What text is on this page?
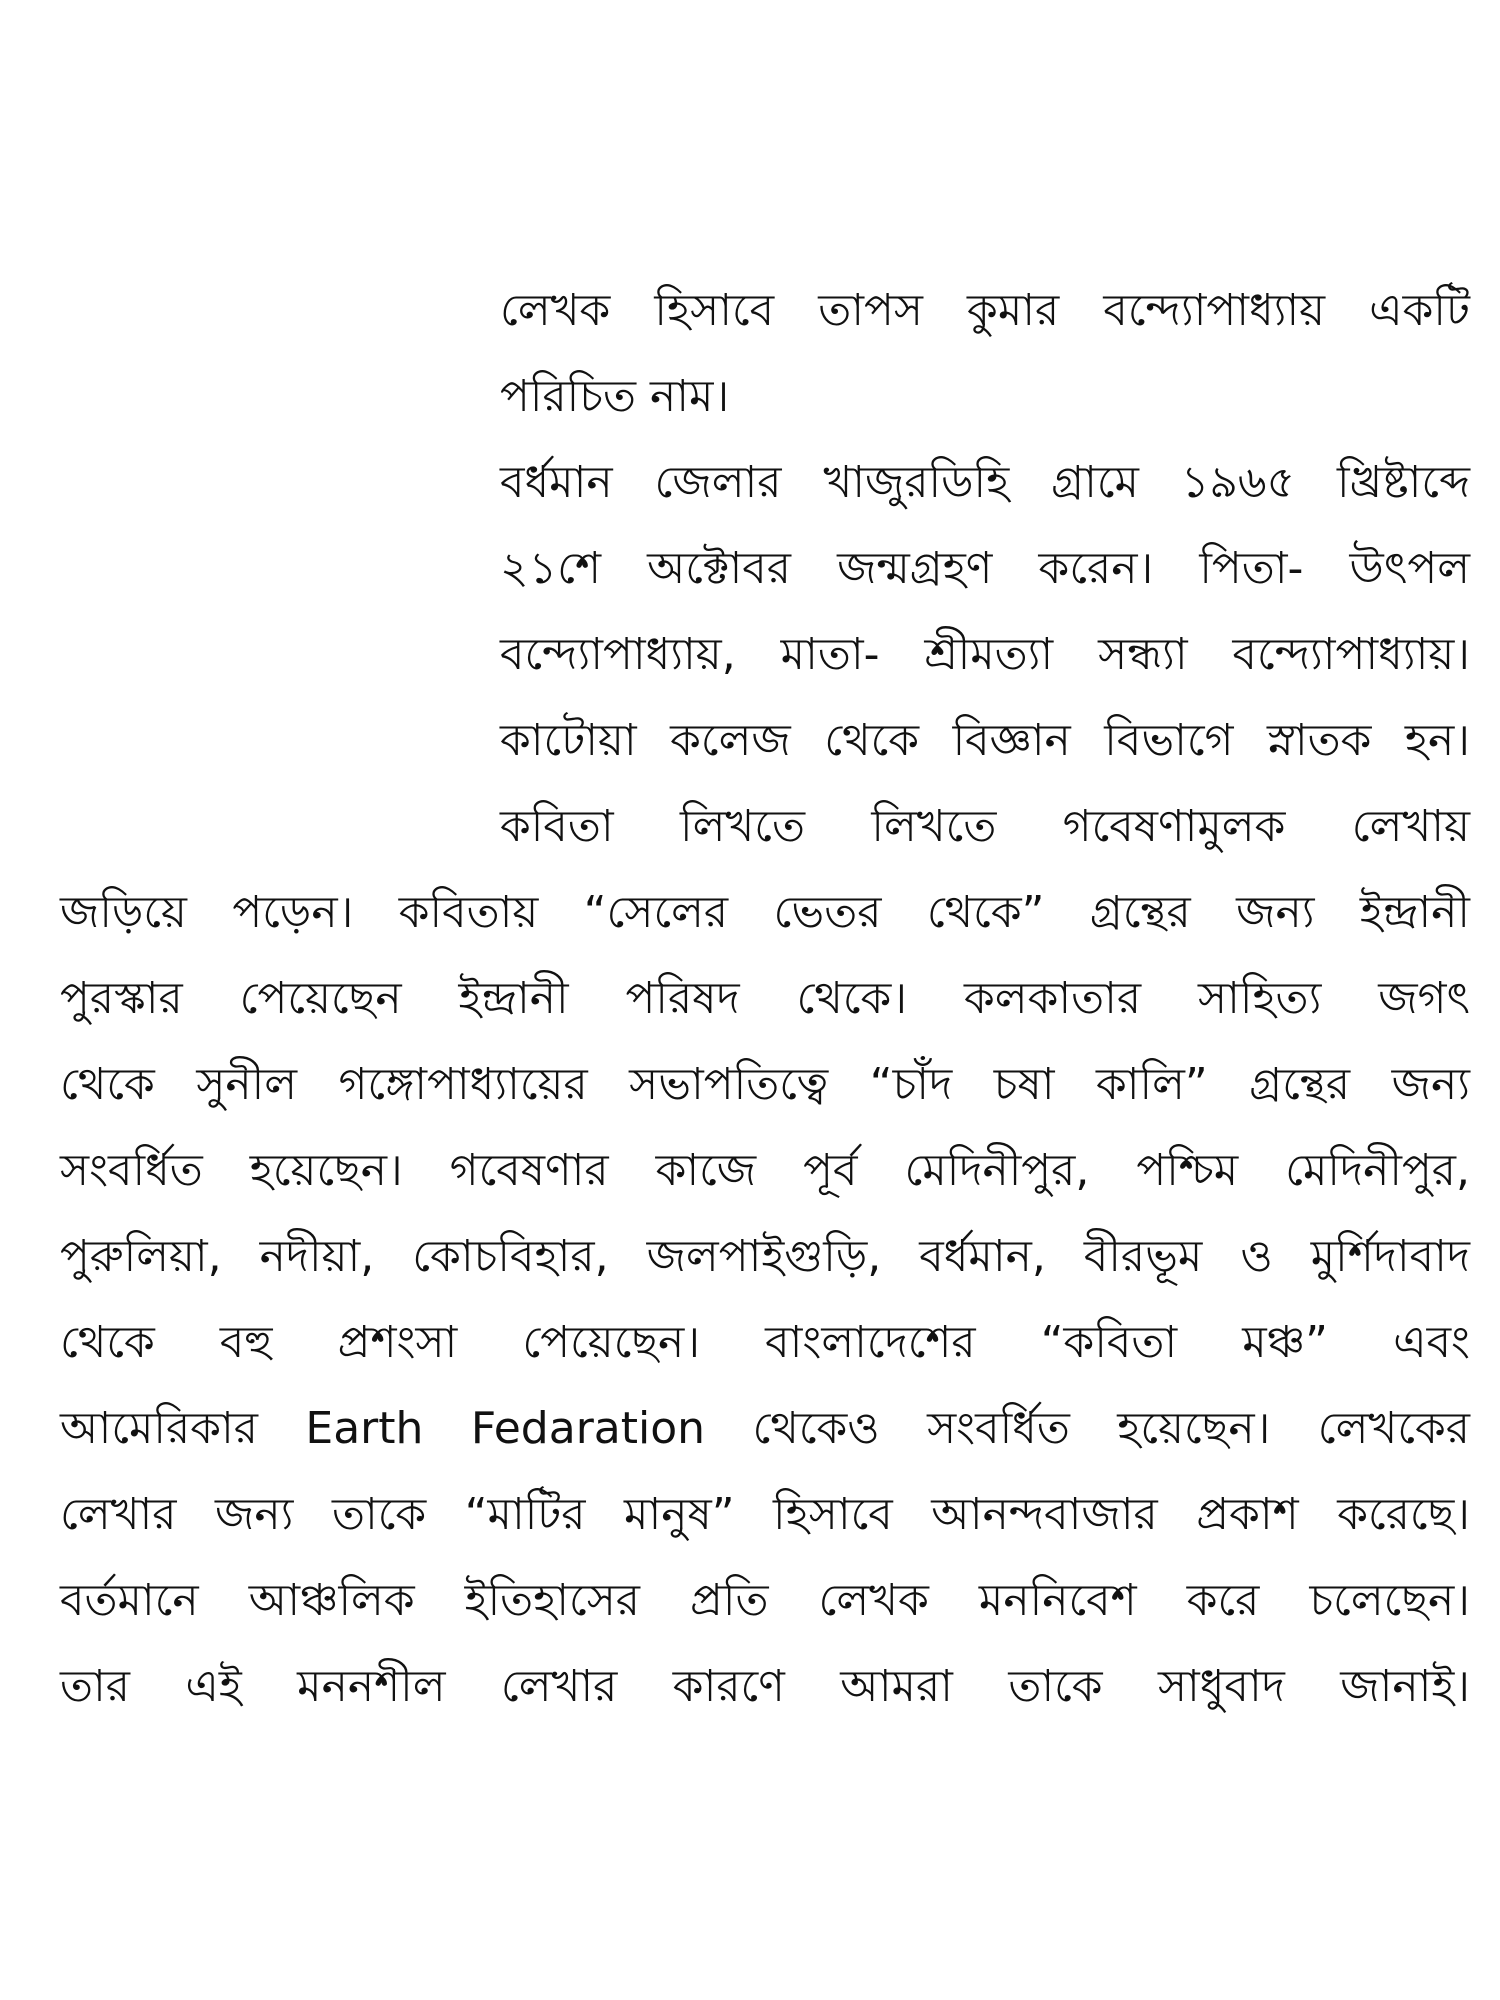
লেখক হিসাবে তাপস কুমার বন্দ্যোপাধ্যায় একটি
পরিচিত নাম।
বর্ধমান জেলার খাজুরডিহি গ্রামে ১৯৬৫ খ্রিষ্টাব্দে
২১শে অক্টোবর জন্মগ্রহণ করেন। পিতা- উৎপল
বন্দ্যোপাধ্যায়, মাতা- শ্রীমত্যা সন্ধ্যা বন্দ্যোপাধ্যায়।
কাটোয়া কলেজ থেকে বিজ্ঞান বিভাগে স্নাতক হন।
কবিতা লিখতে লিখতে গবেষণামুলক লেখায়
জড়িয়ে পড়েন। কবিতায় “সেলের ভেতর থেকে” গ্রন্থের জন্য ইন্দ্রানী
পুরস্কার পেয়েছেন ইন্দ্রানী পরিষদ থেকে। কলকাতার সাহিত্য জগৎ
থেকে সুনীল গঙ্গোপাধ্যায়ের সভাপতিত্বে “চাঁদ চষা কালি” গ্রন্থের জন্য
সংবর্ধিত হয়েছেন। গবেষণার কাজে পূর্ব মেদিনীপুর, পশ্চিম মেদিনীপুর,
পুরুলিয়া, নদীয়া, কোচবিহার, জলপাইগুড়ি, বর্ধমান, বীরভূম ও মুর্শিদাবাদ
থেকে বহু প্রশংসা পেয়েছেন। বাংলাদেশের “কবিতা মঞ্চ” এবং
আমেরিকার Earth Fedaration থেকেও সংবর্ধিত হয়েছেন। লেখকের
লেখার জন্য তাকে “মাটির মানুষ” হিসাবে আনন্দবাজার প্রকাশ করেছে।
বর্তমানে আঞ্চলিক ইতিহাসের প্রতি লেখক মননিবেশ করে চলেছেন।
তার এই মননশীল লেখার কারণে আমরা তাকে সাধুবাদ জানাই।
